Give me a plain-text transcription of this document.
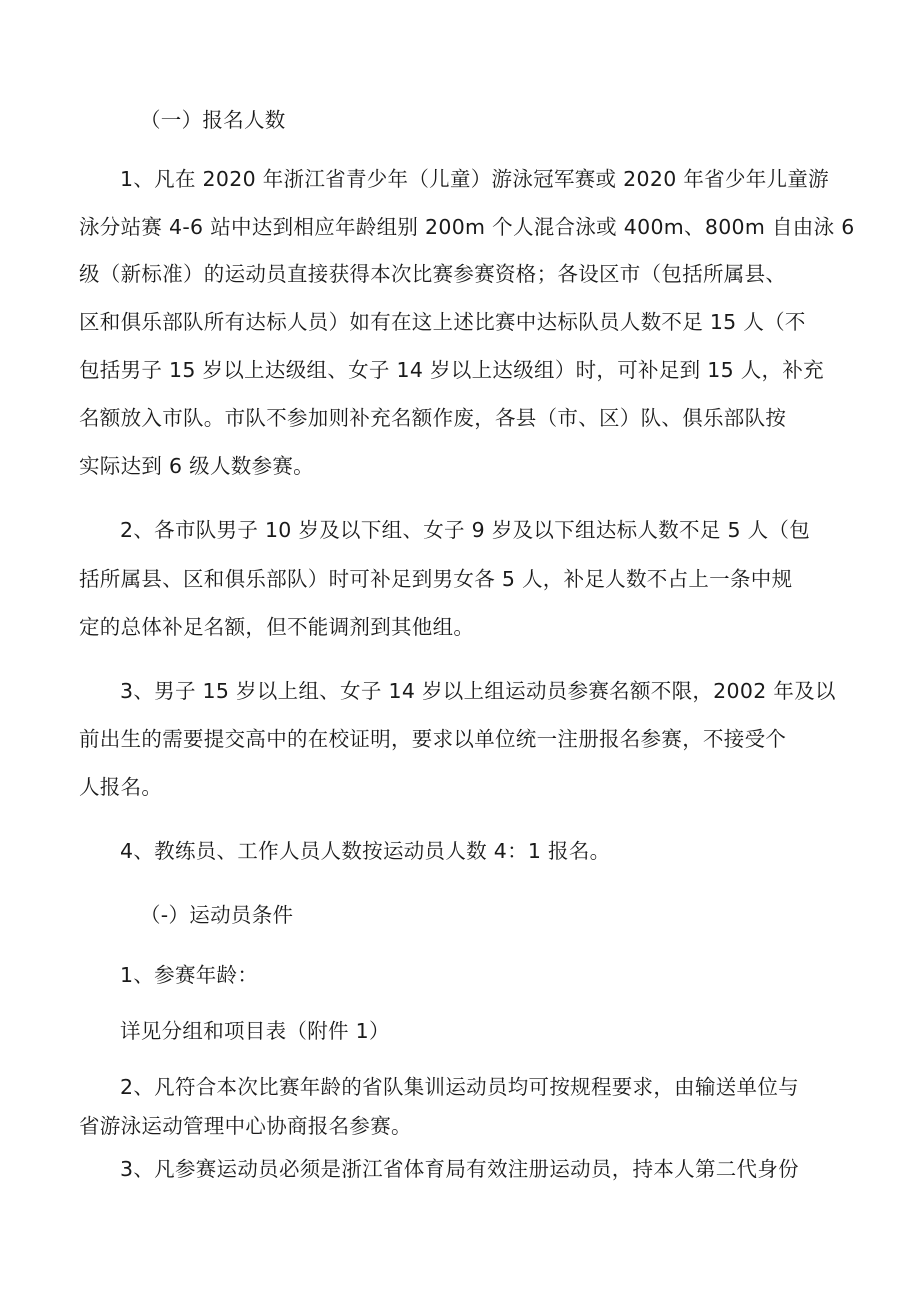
（一）报名人数
1、凡在 2020 年浙江省青少年（儿童）游泳冠军赛或 2020 年省少年儿童游
泳分站赛 4-6 站中达到相应年龄组别 200m 个人混合泳或 400m、800m 自由泳 6
级（新标准）的运动员直接获得本次比赛参赛资格；各设区市（包括所属县、
区和俱乐部队所有达标人员）如有在这上述比赛中达标队员人数不足 15 人（不
包括男子 15 岁以上达级组、女子 14 岁以上达级组）时，可补足到 15 人，补充
名额放入市队。市队不参加则补充名额作废，各县（市、区）队、俱乐部队按
实际达到 6 级人数参赛。
2、各市队男子 10 岁及以下组、女子 9 岁及以下组达标人数不足 5 人（包
括所属县、区和俱乐部队）时可补足到男女各 5 人，补足人数不占上一条中规
定的总体补足名额，但不能调剂到其他组。
3、男子 15 岁以上组、女子 14 岁以上组运动员参赛名额不限，2002 年及以
前出生的需要提交高中的在校证明，要求以单位统一注册报名参赛，不接受个
人报名。
4、教练员、工作人员人数按运动员人数 4：1 报名。
（-）运动员条件
1、参赛年龄：
详见分组和项目表（附件 1）
2、凡符合本次比赛年龄的省队集训运动员均可按规程要求，由输送单位与
省游泳运动管理中心协商报名参赛。
3、凡参赛运动员必须是浙江省体育局有效注册运动员，持本人第二代身份
